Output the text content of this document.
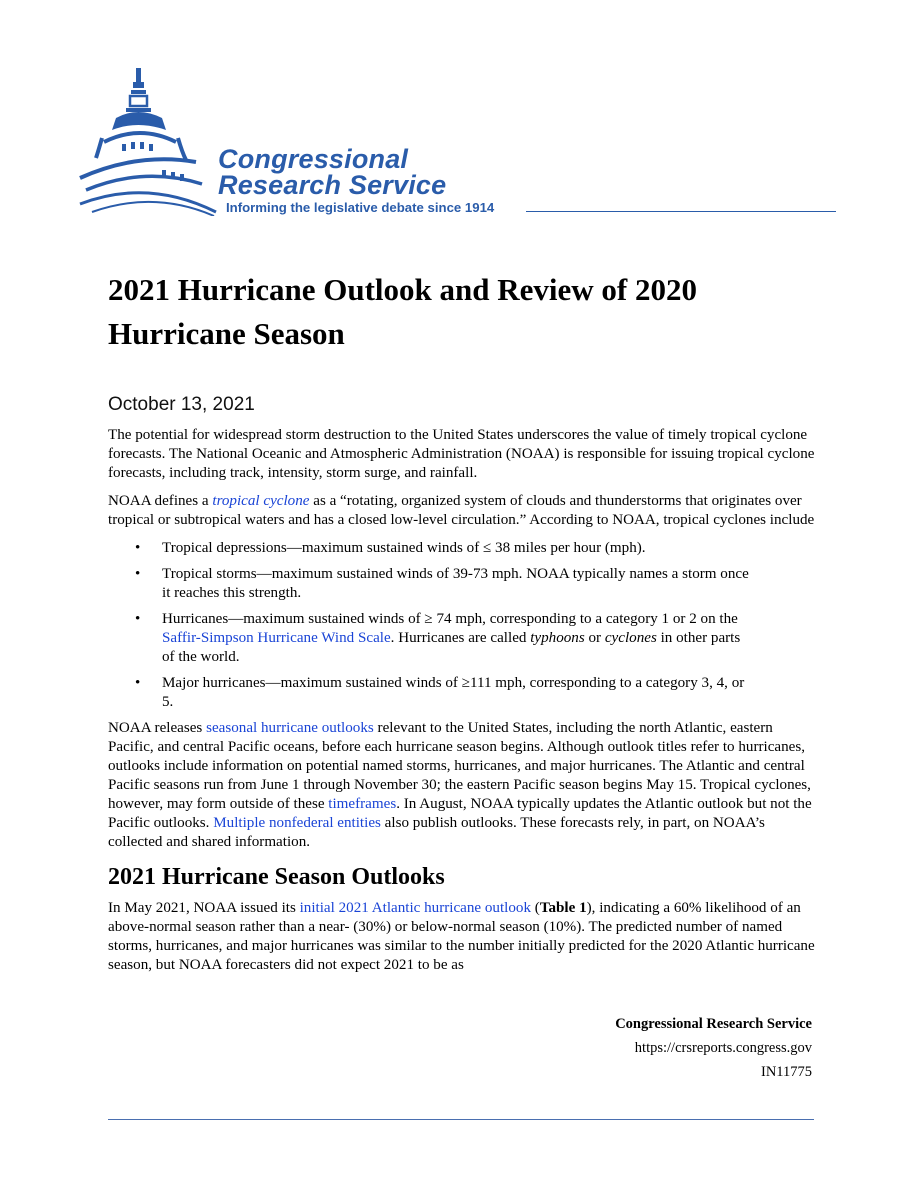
Congressional
Research Service
Informing the legislative debate since 1914
2021 Hurricane Outlook and Review of 2020 Hurricane Season
October 13, 2021

The potential for widespread storm destruction to the United States underscores the value of timely tropical cyclone forecasts. The National Oceanic and Atmospheric Administration (NOAA) is responsible for issuing tropical cyclone forecasts, including track, intensity, storm surge, and rainfall.

NOAA defines a tropical cyclone as a “rotating, organized system of clouds and thunderstorms that originates over tropical or subtropical waters and has a closed low-level circulation.” According to NOAA, tropical cyclones include

• Tropical depressions—maximum sustained winds of ≤ 38 miles per hour (mph).
• Tropical storms—maximum sustained winds of 39-73 mph. NOAA typically names a storm once it reaches this strength.
• Hurricanes—maximum sustained winds of ≥ 74 mph, corresponding to a category 1 or 2 on the Saffir-Simpson Hurricane Wind Scale. Hurricanes are called typhoons or cyclones in other parts of the world.
• Major hurricanes—maximum sustained winds of ≥111 mph, corresponding to a category 3, 4, or 5.

NOAA releases seasonal hurricane outlooks relevant to the United States, including the north Atlantic, eastern Pacific, and central Pacific oceans, before each hurricane season begins. Although outlook titles refer to hurricanes, outlooks include information on potential named storms, hurricanes, and major hurricanes. The Atlantic and central Pacific seasons run from June 1 through November 30; the eastern Pacific season begins May 15. Tropical cyclones, however, may form outside of these timeframes. In August, NOAA typically updates the Atlantic outlook but not the Pacific outlooks. Multiple nonfederal entities also publish outlooks. These forecasts rely, in part, on NOAA’s collected and shared information.

2021 Hurricane Season Outlooks

In May 2021, NOAA issued its initial 2021 Atlantic hurricane outlook (Table 1), indicating a 60% likelihood of an above-normal season rather than a near- (30%) or below-normal season (10%). The predicted number of named storms, hurricanes, and major hurricanes was similar to the number initially predicted for the 2020 Atlantic hurricane season, but NOAA forecasters did not expect 2021 to be as

Congressional Research Service
https://crsreports.congress.gov
IN11775
